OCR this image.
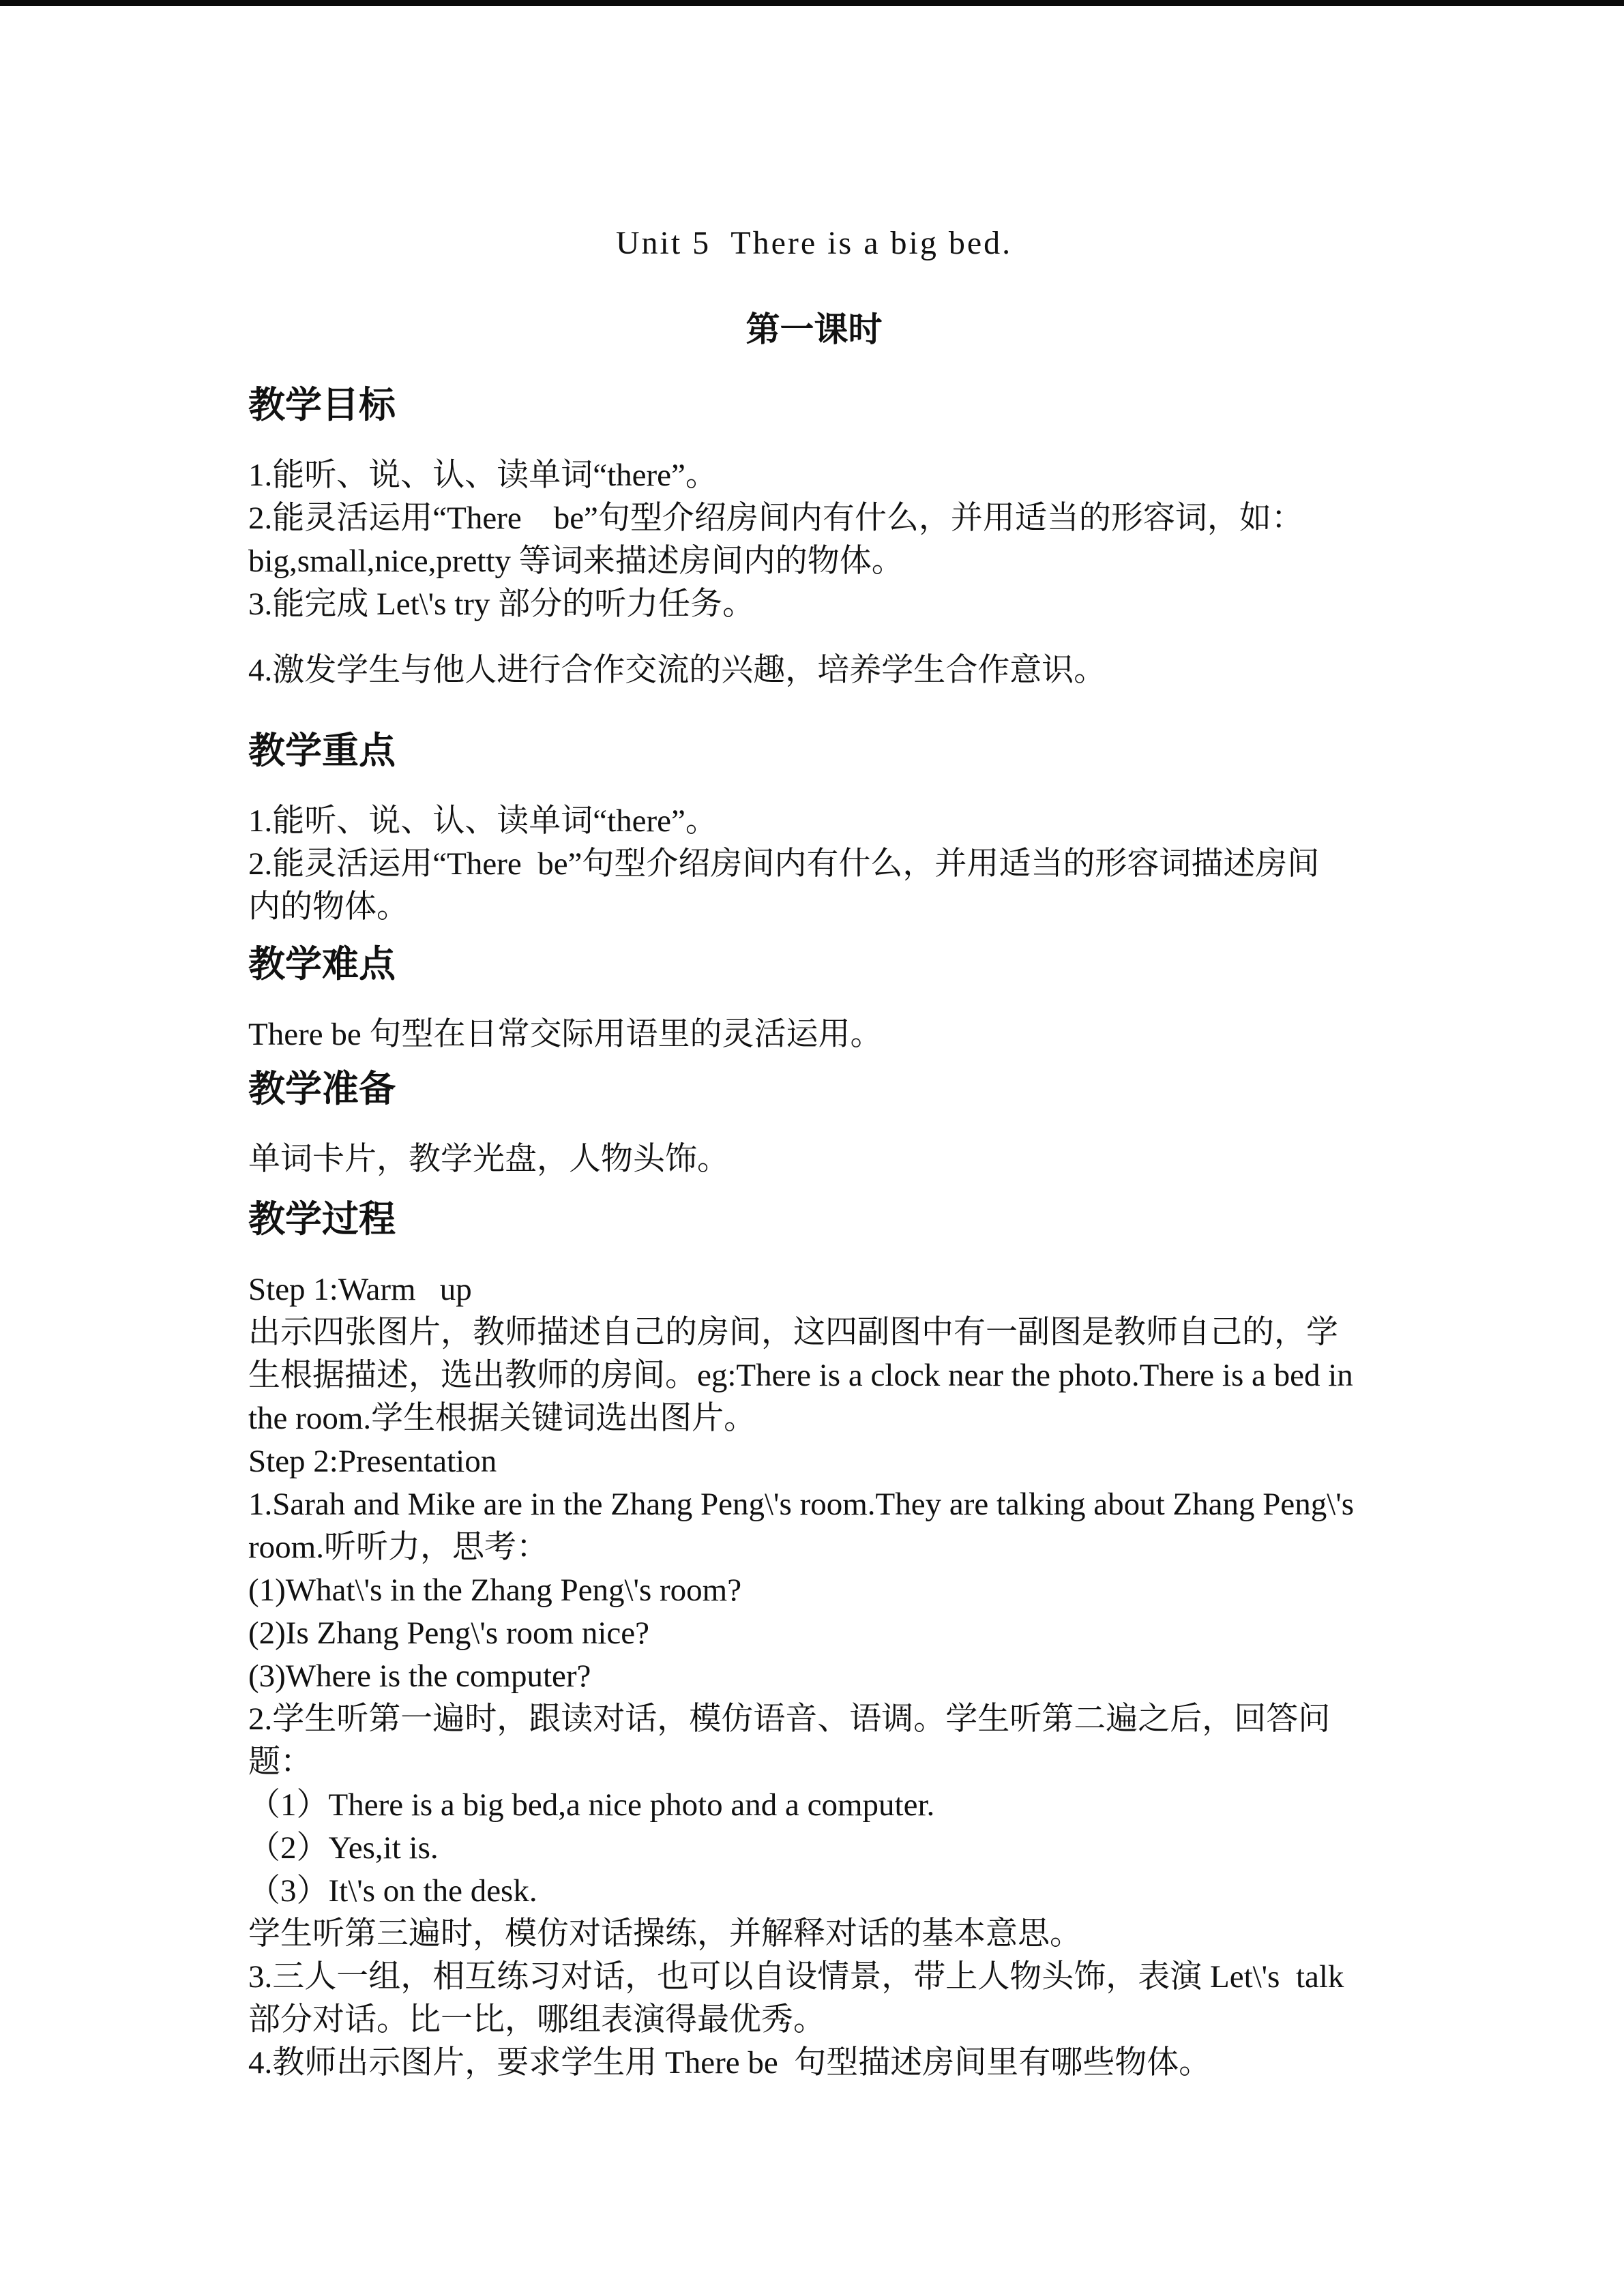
Unit 5  There is a big bed.
第一课时
教学目标
1.能听、说、认、读单词“there”。
2.能灵活运用“There    be”句型介绍房间内有什么，并用适当的形容词，如：
big,small,nice,pretty 等词来描述房间内的物体。
3.能完成 Let\'s try 部分的听力任务。
4.激发学生与他人进行合作交流的兴趣，培养学生合作意识。
教学重点
1.能听、说、认、读单词“there”。
2.能灵活运用“There  be”句型介绍房间内有什么，并用适当的形容词描述房间
内的物体。
教学难点
There be 句型在日常交际用语里的灵活运用。
教学准备
单词卡片，教学光盘，人物头饰。
教学过程
Step 1:Warm   up
出示四张图片，教师描述自己的房间，这四副图中有一副图是教师自己的，学
生根据描述，选出教师的房间。eg:There is a clock near the photo.There is a bed in
the room.学生根据关键词选出图片。
Step 2:Presentation
1.Sarah and Mike are in the Zhang Peng\'s room.They are talking about Zhang Peng\'s
room.听听力，思考：
(1)What\'s in the Zhang Peng\'s room?
(2)Is Zhang Peng\'s room nice?
(3)Where is the computer?
2.学生听第一遍时，跟读对话，模仿语音、语调。学生听第二遍之后，回答问
题：
（1）There is a big bed,a nice photo and a computer.
（2）Yes,it is.
（3）It\'s on the desk.
学生听第三遍时，模仿对话操练，并解释对话的基本意思。
3.三人一组，相互练习对话，也可以自设情景，带上人物头饰，表演 Let\'s  talk
部分对话。比一比，哪组表演得最优秀。
4.教师出示图片，要求学生用 There be  句型描述房间里有哪些物体。
